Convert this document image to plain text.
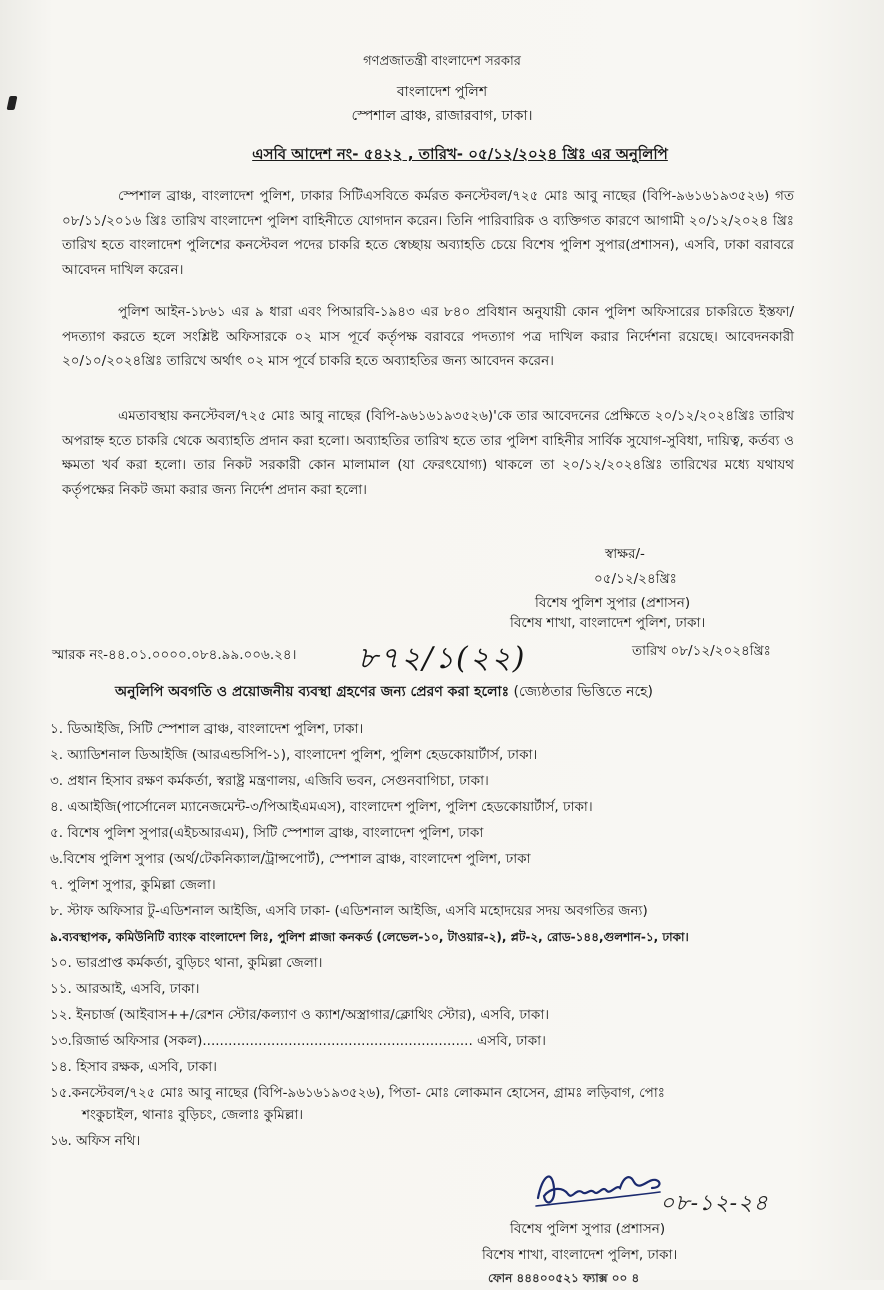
গণপ্রজাতন্ত্রী বাংলাদেশ সরকার
বাংলাদেশ পুলিশ
স্পেশাল ব্রাঞ্চ, রাজারবাগ, ঢাকা।
এসবি আদেশ নং- ৫৪২২ , তারিখ- ০৫/১২/২০২৪ খ্রিঃ এর অনুলিপি
স্পেশাল ব্রাঞ্চ, বাংলাদেশ পুলিশ, ঢাকার সিটিএসবিতে কর্মরত কনস্টেবল/৭২৫ মোঃ আবু নাছের (বিপি-৯৬১৬১৯৩৫২৬) গত ০৮/১১/২০১৬ খ্রিঃ তারিখ বাংলাদেশ পুলিশ বাহিনীতে যোগদান করেন। তিনি পারিবারিক ও ব্যক্তিগত কারণে আগামী ২০/১২/২০২৪ খ্রিঃ তারিখ হতে বাংলাদেশ পুলিশের কনস্টেবল পদের চাকরি হতে স্বেচ্ছায় অব্যাহতি চেয়ে বিশেষ পুলিশ সুপার(প্রশাসন), এসবি, ঢাকা বরাবরে আবেদন দাখিল করেন।
পুলিশ আইন-১৮৬১ এর ৯ ধারা এবং পিআরবি-১৯৪৩ এর ৮৪০ প্রবিধান অনুযায়ী কোন পুলিশ অফিসারের চাকরিতে ইস্তফা/পদত্যাগ করতে হলে সংশ্লিষ্ট অফিসারকে ০২ মাস পূর্বে কর্তৃপক্ষ বরাবরে পদত্যাগ পত্র দাখিল করার নির্দেশনা রয়েছে। আবেদনকারী ২০/১০/২০২৪খ্রিঃ তারিখে অর্থাৎ ০২ মাস পূর্বে চাকরি হতে অব্যাহতির জন্য আবেদন করেন।
এমতাবস্থায় কনস্টেবল/৭২৫ মোঃ আবু নাছের (বিপি-৯৬১৬১৯৩৫২৬)'কে তার আবেদনের প্রেক্ষিতে ২০/১২/২০২৪খ্রিঃ তারিখ অপরাহ্ন হতে চাকরি থেকে অব্যাহতি প্রদান করা হলো। অব্যাহতির তারিখ হতে তার পুলিশ বাহিনীর সার্বিক সুযোগ-সুবিধা, দায়িত্ব, কর্তব্য ও ক্ষমতা খর্ব করা হলো। তার নিকট সরকারী কোন মালামাল (যা ফেরৎযোগ্য) থাকলে তা ২০/১২/২০২৪খ্রিঃ তারিখের মধ্যে যথাযথ কর্তৃপক্ষের নিকট জমা করার জন্য নির্দেশ প্রদান করা হলো।
স্বাক্ষর/-
০৫/১২/২৪খ্রিঃ
বিশেষ পুলিশ সুপার (প্রশাসন)
বিশেষ শাখা, বাংলাদেশ পুলিশ, ঢাকা।
স্মারক নং-৪৪.০১.০০০০.০৮৪.৯৯.০০৬.২৪। ৮৭২/১(২২)	তারিখ ০৮/১২/২০২৪খ্রিঃ
অনুলিপি অবগতি ও প্রয়োজনীয় ব্যবস্থা গ্রহণের জন্য প্রেরণ করা হলোঃ (জ্যেষ্ঠতার ভিত্তিতে নহে)
১. ডিআইজি, সিটি স্পেশাল ব্রাঞ্চ, বাংলাদেশ পুলিশ, ঢাকা।
২. অ্যাডিশনাল ডিআইজি (আরএন্ডসিপি-১), বাংলাদেশ পুলিশ, পুলিশ হেডকোয়ার্টার্স, ঢাকা।
৩. প্রধান হিসাব রক্ষণ কর্মকর্তা, স্বরাষ্ট্র মন্ত্রণালয়, এজিবি ভবন, সেগুনবাগিচা, ঢাকা।
৪. এআইজি(পার্সোনেল ম্যানেজমেন্ট-৩/পিআইএমএস), বাংলাদেশ পুলিশ, পুলিশ হেডকোয়ার্টার্স, ঢাকা।
৫. বিশেষ পুলিশ সুপার(এইচআরএম), সিটি স্পেশাল ব্রাঞ্চ, বাংলাদেশ পুলিশ, ঢাকা
৬.বিশেষ পুলিশ সুপার (অর্থ/টেকনিক্যাল/ট্রান্সপোর্ট), স্পেশাল ব্রাঞ্চ, বাংলাদেশ পুলিশ, ঢাকা
৭. পুলিশ সুপার, কুমিল্লা জেলা।
৮. স্টাফ অফিসার টু-এডিশনাল আইজি, এসবি ঢাকা- (এডিশনাল আইজি, এসবি মহোদয়ের সদয় অবগতির জন্য)
৯.ব্যবস্থাপক, কমিউনিটি ব্যাংক বাংলাদেশ লিঃ, পুলিশ প্লাজা কনকর্ড (লেভেল-১০, টাওয়ার-২), প্লট-২, রোড-১৪৪,গুলশান-১, ঢাকা।
১০. ভারপ্রাপ্ত কর্মকর্তা, বুড়িচং থানা, কুমিল্লা জেলা।
১১. আরআই, এসবি, ঢাকা।
১২. ইনচার্জ (আইবাস++/রেশন স্টোর/কল্যাণ ও ক্যাশ/অস্ত্রাগার/ক্লোথিং স্টোর), এসবি, ঢাকা।
১৩.রিজার্ভ অফিসার (সকল)............................................................... এসবি, ঢাকা।
১৪. হিসাব রক্ষক, এসবি, ঢাকা।
১৫.কনস্টেবল/৭২৫ মোঃ আবু নাছের (বিপি-৯৬১৬১৯৩৫২৬), পিতা- মোঃ লোকমান হোসেন, গ্রামঃ লড়িবাগ, পোঃ
শংকুচাইল, থানাঃ বুড়িচং, জেলাঃ কুমিল্লা।
১৬. অফিস নথি।
০৮-১২-২৪
বিশেষ পুলিশ সুপার (প্রশাসন)
বিশেষ শাখা, বাংলাদেশ পুলিশ, ঢাকা।
ফোন ৪৪৪০০৫২১ ফ্যাক্স ০০ ৪
